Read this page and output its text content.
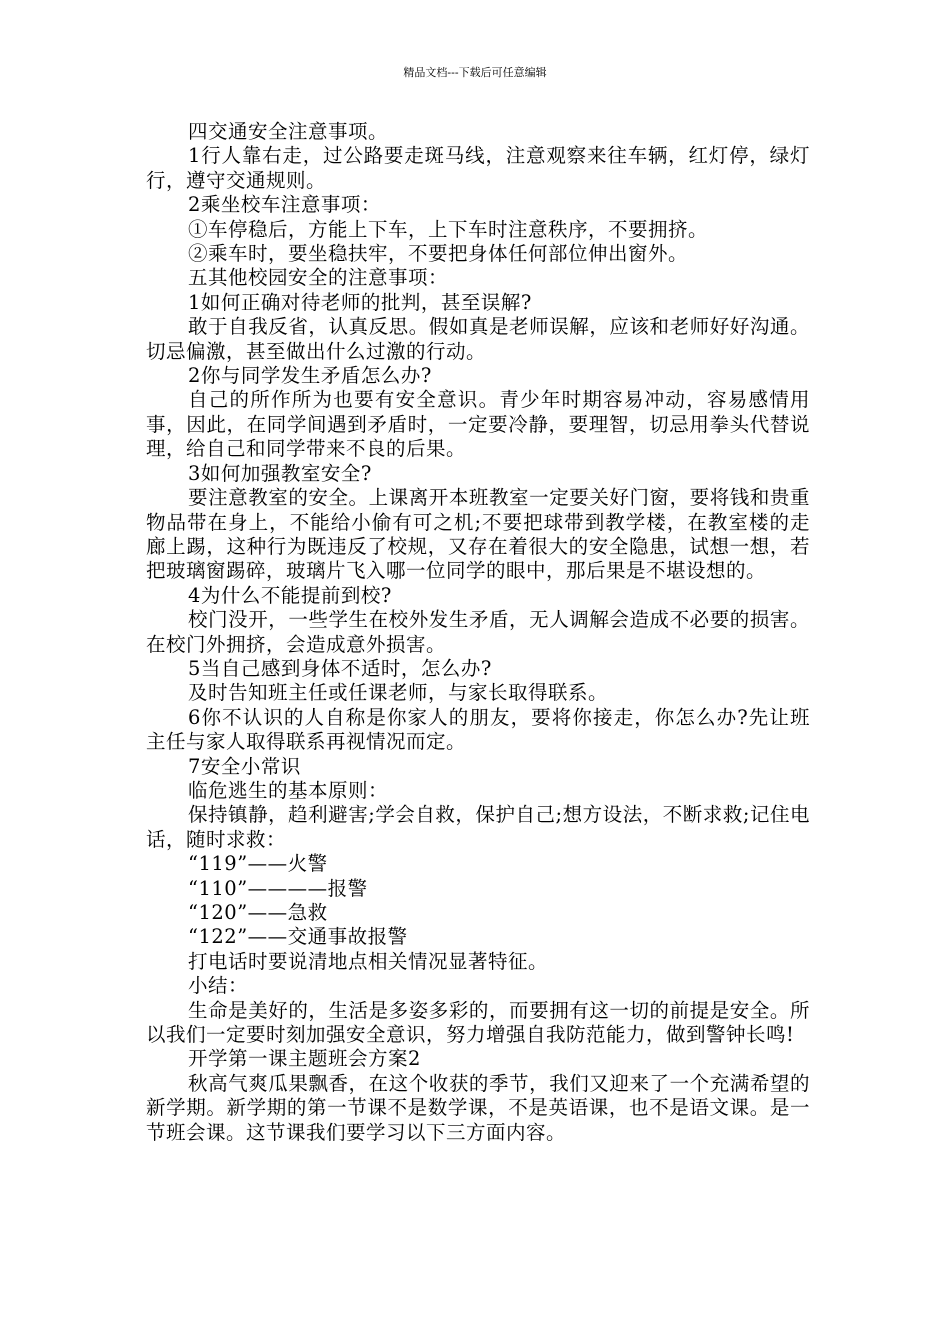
精品文档---下载后可任意编辑

四交通安全注意事项。

1行人靠右走，过公路要走斑马线，注意观察来往车辆，红灯停，绿灯行，遵守交通规则。

2乘坐校车注意事项：

①车停稳后，方能上下车，上下车时注意秩序，不要拥挤。

②乘车时，要坐稳扶牢，不要把身体任何部位伸出窗外。

五其他校园安全的注意事项：

1如何正确对待老师的批判，甚至误解?

敢于自我反省，认真反思。假如真是老师误解，应该和老师好好沟通。切忌偏激，甚至做出什么过激的行动。

2你与同学发生矛盾怎么办?

自己的所作所为也要有安全意识。青少年时期容易冲动，容易感情用事，因此，在同学间遇到矛盾时，一定要冷静，要理智，切忌用拳头代替说理，给自己和同学带来不良的后果。

3如何加强教室安全?

要注意教室的安全。上课离开本班教室一定要关好门窗，要将钱和贵重物品带在身上，不能给小偷有可之机;不要把球带到教学楼，在教室楼的走廊上踢，这种行为既违反了校规，又存在着很大的安全隐患，试想一想，若把玻璃窗踢碎，玻璃片飞入哪一位同学的眼中，那后果是不堪设想的。

4为什么不能提前到校?

校门没开，一些学生在校外发生矛盾，无人调解会造成不必要的损害。在校门外拥挤，会造成意外损害。

5当自己感到身体不适时，怎么办?

及时告知班主任或任课老师，与家长取得联系。

6你不认识的人自称是你家人的朋友，要将你接走，你怎么办?先让班主任与家人取得联系再视情况而定。

7安全小常识

临危逃生的基本原则：

保持镇静，趋利避害;学会自救，保护自己;想方设法，不断求救;记住电话，随时求救：

“119”——火警

“110”————报警

“120”——急救

“122”——交通事故报警

打电话时要说清地点相关情况显著特征。

小结：

生命是美好的，生活是多姿多彩的，而要拥有这一切的前提是安全。所以我们一定要时刻加强安全意识，努力增强自我防范能力，做到警钟长鸣!

开学第一课主题班会方案2

秋高气爽瓜果飘香，在这个收获的季节，我们又迎来了一个充满希望的新学期。新学期的第一节课不是数学课，不是英语课，也不是语文课。是一节班会课。这节课我们要学习以下三方面内容。
